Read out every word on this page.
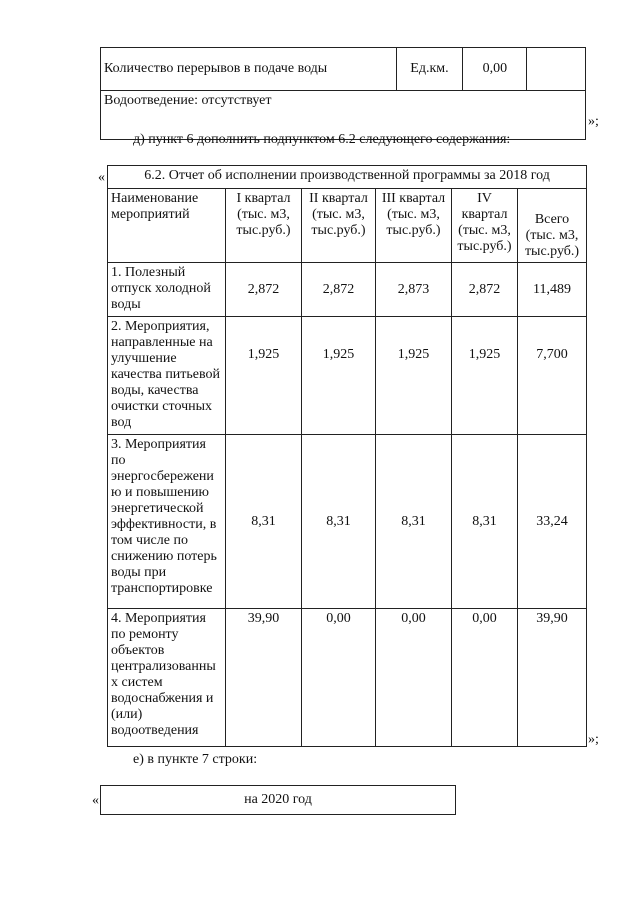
Количество перерывов в подаче воды	Ед.км.	0,00	
Водоотведение: отсутствует
»;
д) пункт 6 дополнить подпунктом 6.2 следующего содержания:
«	6.2. Отчет об исполнении производственной программы за 2018 год					
Наименование мероприятий	I квартал (тыс. м3, тыс.руб.)	II квартал (тыс. м3, тыс.руб.)	III квартал (тыс. м3, тыс.руб.)	IV квартал (тыс. м3, тыс.руб.)	Всего (тыс. м3, тыс.руб.)
1. Полезный отпуск холодной воды	2,872	2,872	2,873	2,872	11,489
2. Мероприятия, направленные на улучшение качества питьевой воды, качества очистки сточных вод	1,925	1,925	1,925	1,925	7,700
3. Мероприятия по энергосбережени ю и повышению энергетической эффективности, в том числе по снижению потерь воды при транспортировке	8,31	8,31	8,31	8,31	33,24
4. Мероприятия по ремонту объектов централизованны х систем водоснабжения и (или) водоотведения	39,90	0,00	0,00	0,00	39,90
»;
е) в пункте 7 строки:
«	на 2020 год
